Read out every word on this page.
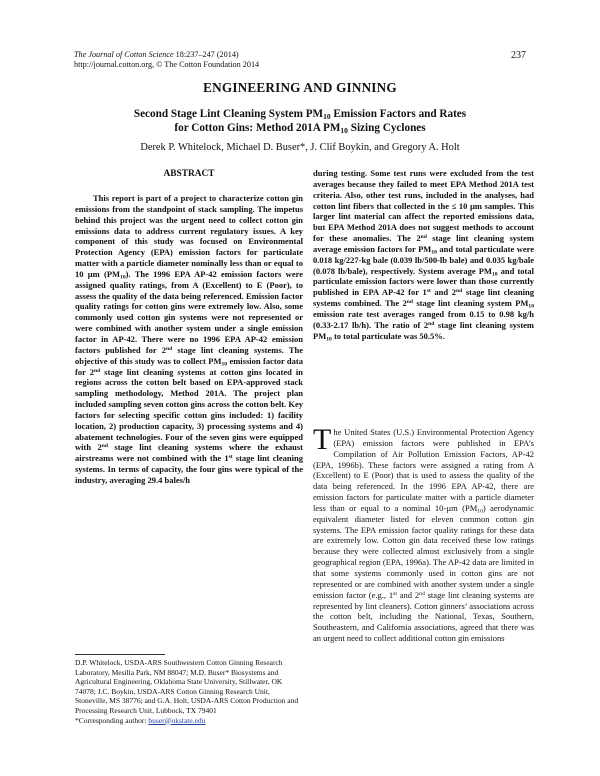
The Journal of Cotton Science 18:237–247 (2014)
http://journal.cotton.org, © The Cotton Foundation 2014
237
ENGINEERING AND GINNING
Second Stage Lint Cleaning System $PM_{10}$ Emission Factors and Rates
for Cotton Gins: Method 201A $PM_{10}$ Sizing Cyclones
Derek P. Whitelock, Michael D. Buser*, J. Clif Boykin, and Gregory A. Holt
ABSTRACT

This report is part of a project to characterize cotton gin emissions from the standpoint of stack sampling. The impetus behind this project was the urgent need to collect cotton gin emissions data to address current regulatory issues. A key component of this study was focused on Environmental Protection Agency (EPA) emission factors for particulate matter with a particle diameter nominally less than or equal to 10 µm $(PM_{10})$. The 1996 EPA AP-42 emission factors were assigned quality ratings, from A (Excellent) to E (Poor), to assess the quality of the data being referenced. Emission factor quality ratings for cotton gins were extremely low. Also, some commonly used cotton gin systems were not represented or were combined with another system under a single emission factor in AP-42. There were no 1996 EPA AP-42 emission factors published for 2nd stage lint cleaning systems. The objective of this study was to collect $PM_{10}$ emission factor data for 2nd stage lint cleaning systems at cotton gins located in regions across the cotton belt based on EPA-approved stack sampling methodology, Method 201A. The project plan included sampling seven cotton gins across the cotton belt. Key factors for selecting specific cotton gins included: 1) facility location, 2) production capacity, 3) processing systems and 4) abatement technologies. Four of the seven gins were equipped with 2nd stage lint cleaning systems where the exhaust airstreams were not combined with the 1st stage lint cleaning systems. In terms of capacity, the four gins were typical of the industry, averaging 29.4 bales/h

during testing. Some test runs were excluded from the test averages because they failed to meet EPA Method 201A test criteria. Also, other test runs, included in the analyses, had cotton lint fibers that collected in the ≤ 10 µm samples. This larger lint material can affect the reported emissions data, but EPA Method 201A does not suggest methods to account for these anomalies. The 2nd stage lint cleaning system average emission factors for $PM_{10}$ and total particulate were 0.018 kg/227-kg bale (0.039 lb/500-lb bale) and 0.035 kg/bale (0.078 lb/bale), respectively. System average $PM_{10}$ and total particulate emission factors were lower than those currently published in EPA AP-42 for 1st and 2nd stage lint cleaning systems combined. The 2nd stage lint cleaning system $PM_{10}$ emission rate test averages ranged from 0.15 to 0.98 kg/h (0.33-2.17 lb/h). The ratio of 2nd stage lint cleaning system $PM_{10}$ to total particulate was 50.5%.

The United States (U.S.) Environmental Protection Agency (EPA) emission factors were published in EPA’s Compilation of Air Pollution Emission Factors, AP-42 (EPA, 1996b). These factors were assigned a rating from A (Excellent) to E (Poor) that is used to assess the quality of the data being referenced. In the 1996 EPA AP-42, there are emission factors for particulate matter with a particle diameter less than or equal to a nominal 10-µm $(PM_{10})$ aerodynamic equivalent diameter listed for eleven common cotton gin systems. The EPA emission factor quality ratings for these data are extremely low. Cotton gin data received these low ratings because they were collected almost exclusively from a single geographical region (EPA, 1996a). The AP-42 data are limited in that some systems commonly used in cotton gins are not represented or are combined with another system under a single emission factor (e.g., 1st and 2nd stage lint cleaning systems are represented by lint cleaners). Cotton ginners’ associations across the cotton belt, including the National, Texas, Southern, Southeastern, and California associations, agreed that there was an urgent need to collect additional cotton gin emissions

D.P. Whitelock, USDA-ARS Southwestern Cotton Ginning Research Laboratory, Mesilla Park, NM 88047; M.D. Buser* Biosystems and Agricultural Engineering, Oklahoma State University, Stillwater, OK 74078; J.C. Boykin, USDA-ARS Cotton Ginning Research Unit, Stoneville, MS 38776; and G.A. Holt, USDA-ARS Cotton Production and Processing Research Unit, Lubbock, TX 79401

*Corresponding author: buser@okstate.edu
